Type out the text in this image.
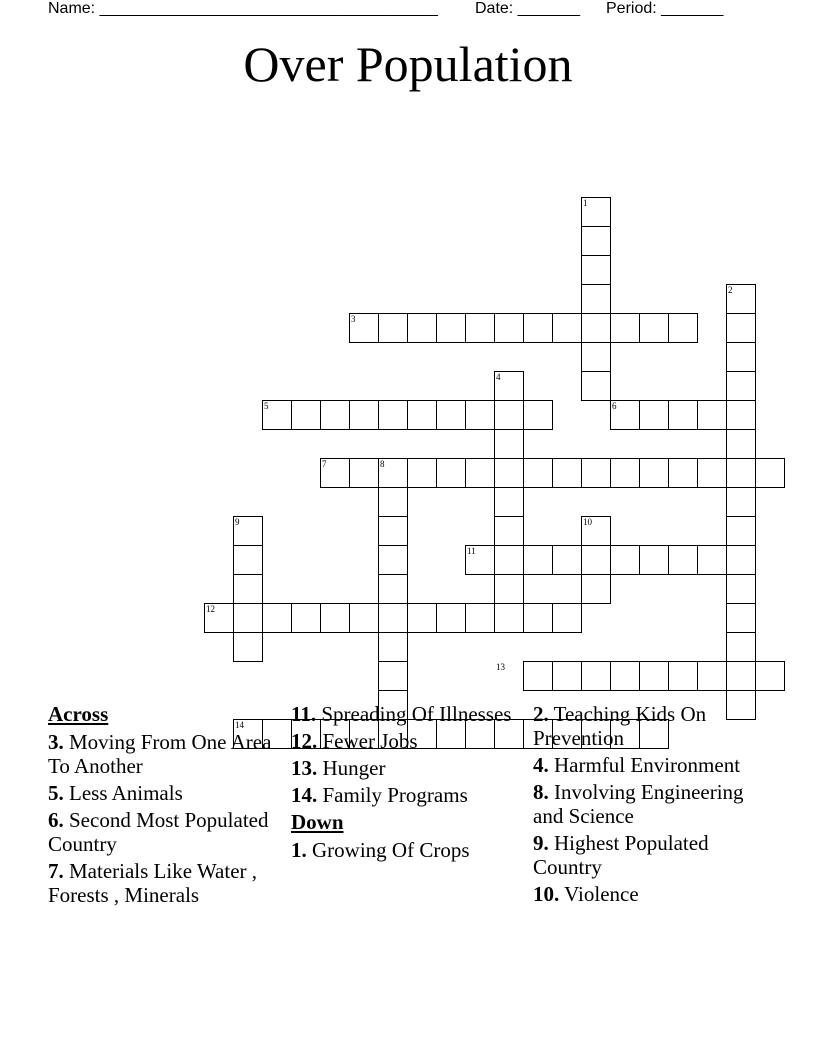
Name: ______________________________________ Date: _______ Period: _______
Over Population
1
2
3
4
5	6
7	8
9	10
11
12
13
14
Across
3. Moving From One Area To Another
5. Less Animals
6. Second Most Populated Country
7. Materials Like Water , Forests , Minerals
11. Spreading Of Illnesses
12. Fewer Jobs
13. Hunger
14. Family Programs
Down
1. Growing Of Crops
2. Teaching Kids On Prevention
4. Harmful Environment
8. Involving Engineering and Science
9. Highest Populated Country
10. Violence
